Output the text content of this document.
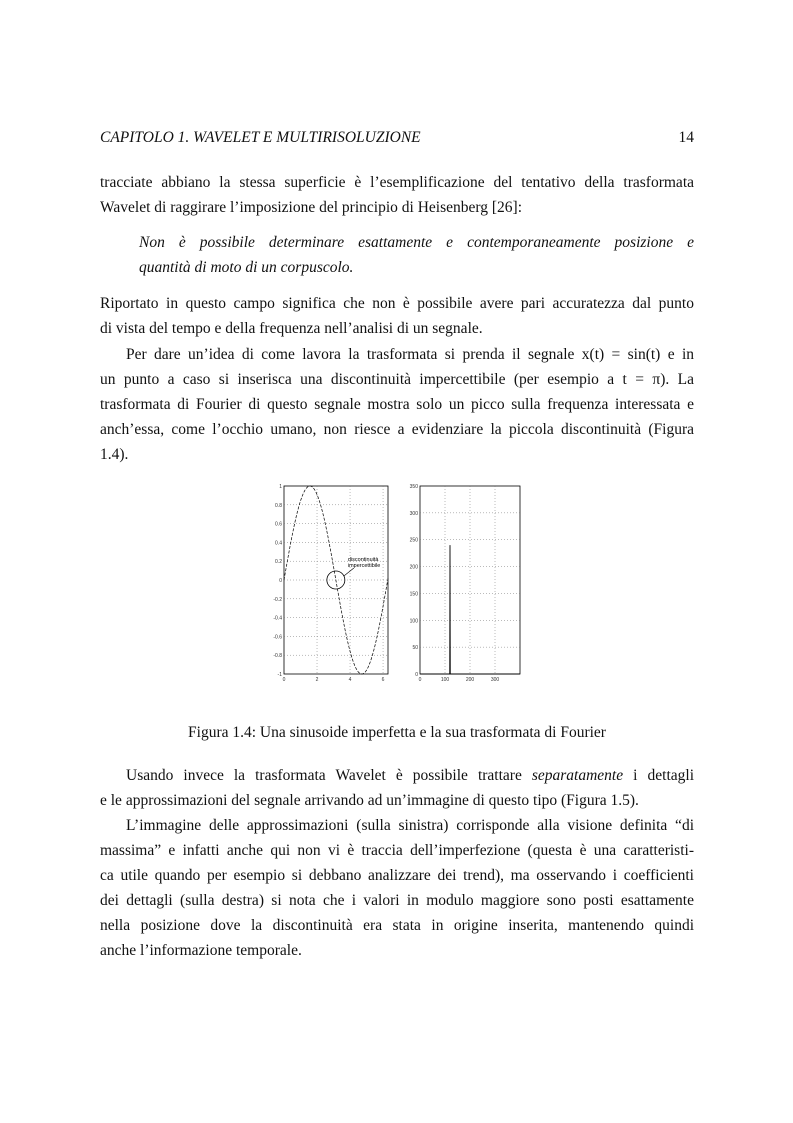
CAPITOLO 1. WAVELET E MULTIRISOLUZIONE	14
tracciate abbiano la stessa superficie è l’esemplificazione del tentativo della trasformata
Wavelet di raggirare l’imposizione del principio di Heisenberg [26]:
Non è possibile determinare esattamente e contemporaneamente posizione e
quantità di moto di un corpuscolo.
Riportato in questo campo significa che non è possibile avere pari accuratezza dal punto
di vista del tempo e della frequenza nell’analisi di un segnale.
Per dare un’idea di come lavora la trasformata si prenda il segnale x(t) = sin(t) e in
un punto a caso si inserisca una discontinuità impercettibile (per esempio a t = π). La
trasformata di Fourier di questo segnale mostra solo un picco sulla frequenza interessata e
anch’essa, come l’occhio umano, non riesce a evidenziare la piccola discontinuità (Figura
1.4).
1
0.8
0.6
0.4
0.2
0
-0.2
-0.4
-0.6
-0.8
-1
0	2	4	6
discontinuità
impercettibile
350
300
250
200
150
100
50
0
0	100	200	300
Figura 1.4: Una sinusoide imperfetta e la sua trasformata di Fourier
Usando invece la trasformata Wavelet è possibile trattare separatamente i dettagli
e le approssimazioni del segnale arrivando ad un’immagine di questo tipo (Figura 1.5).
L’immagine delle approssimazioni (sulla sinistra) corrisponde alla visione definita “di
massima” e infatti anche qui non vi è traccia dell’imperfezione (questa è una caratteristi-
ca utile quando per esempio si debbano analizzare dei trend), ma osservando i coefficienti
dei dettagli (sulla destra) si nota che i valori in modulo maggiore sono posti esattamente
nella posizione dove la discontinuità era stata in origine inserita, mantenendo quindi
anche l’informazione temporale.
